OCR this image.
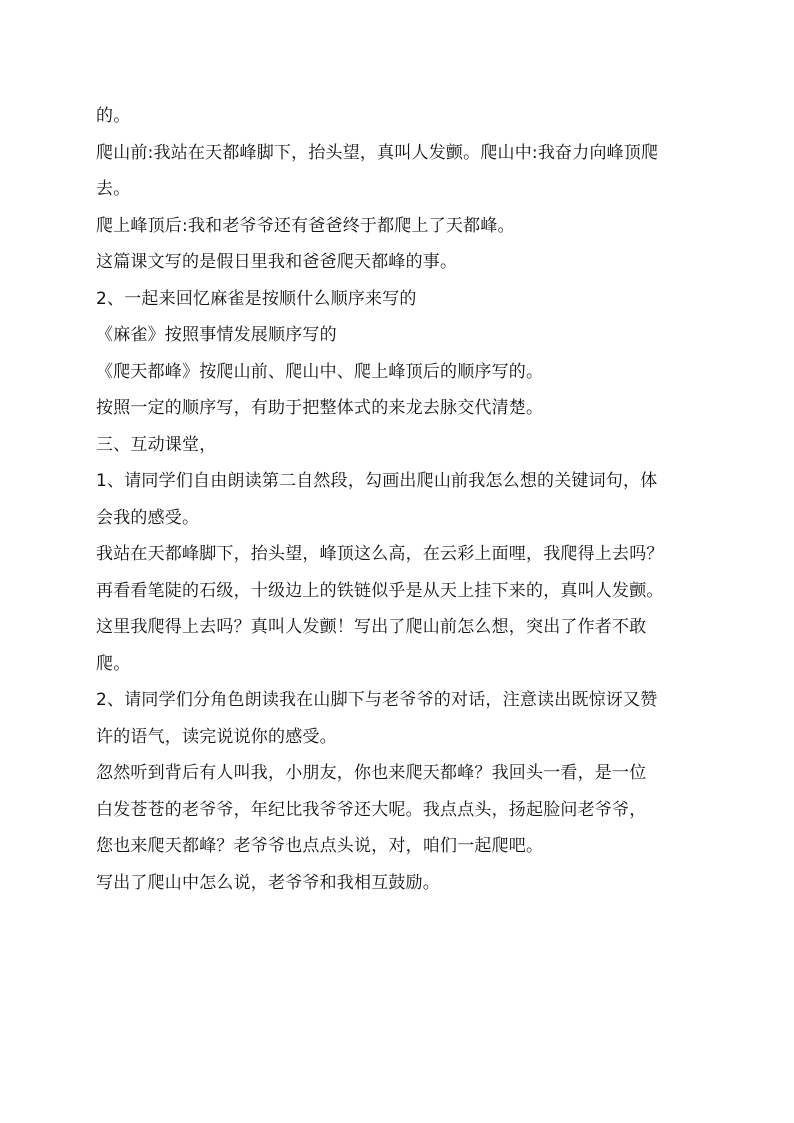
的。

爬山前:我站在天都峰脚下，抬头望，真叫人发颤。爬山中:我奋力向峰顶爬

去。

爬上峰顶后:我和老爷爷还有爸爸终于都爬上了天都峰。

这篇课文写的是假日里我和爸爸爬天都峰的事。

2、一起来回忆麻雀是按顺什么顺序来写的

《麻雀》按照事情发展顺序写的

《爬天都峰》按爬山前、爬山中、爬上峰顶后的顺序写的。

按照一定的顺序写，有助于把整体式的来龙去脉交代清楚。

三、互动课堂，

1、请同学们自由朗读第二自然段，勾画出爬山前我怎么想的关键词句，体

会我的感受。

我站在天都峰脚下，抬头望，峰顶这么高，在云彩上面哩，我爬得上去吗？

再看看笔陡的石级，十级边上的铁链似乎是从天上挂下来的，真叫人发颤。

这里我爬得上去吗？真叫人发颤！写出了爬山前怎么想，突出了作者不敢

爬。

2、请同学们分角色朗读我在山脚下与老爷爷的对话，注意读出既惊讶又赞

许的语气，读完说说你的感受。

忽然听到背后有人叫我，小朋友，你也来爬天都峰？我回头一看，是一位

白发苍苍的老爷爷，年纪比我爷爷还大呢。我点点头，扬起脸问老爷爷，

您也来爬天都峰？老爷爷也点点头说，对，咱们一起爬吧。

写出了爬山中怎么说，老爷爷和我相互鼓励。
